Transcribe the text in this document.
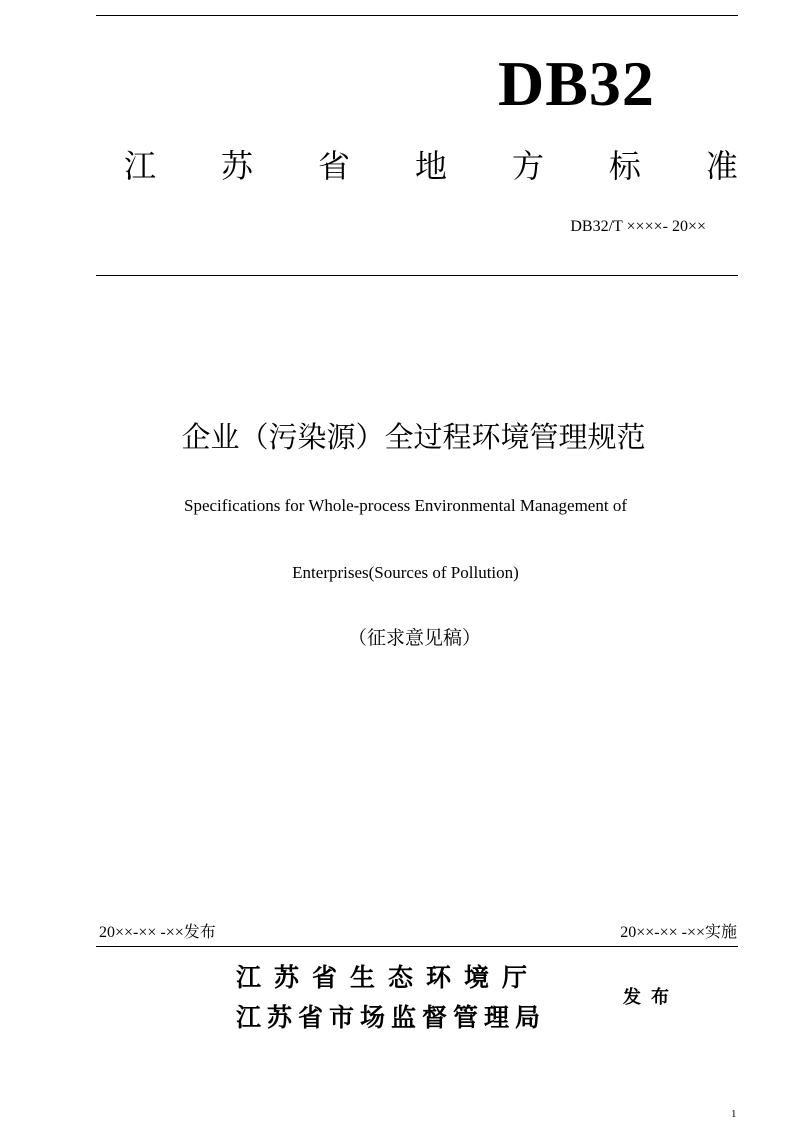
DB32
江 苏 省 地 方 标 准
DB32/T ××××- 20××
企业（污染源）全过程环境管理规范
Specifications for Whole-process Environmental Management of
Enterprises(Sources of Pollution)
（征求意见稿）
20××-×× -××发布	20××-×× -××实施
江苏省生态环境厅
江苏省市场监督管理局
发布
1
